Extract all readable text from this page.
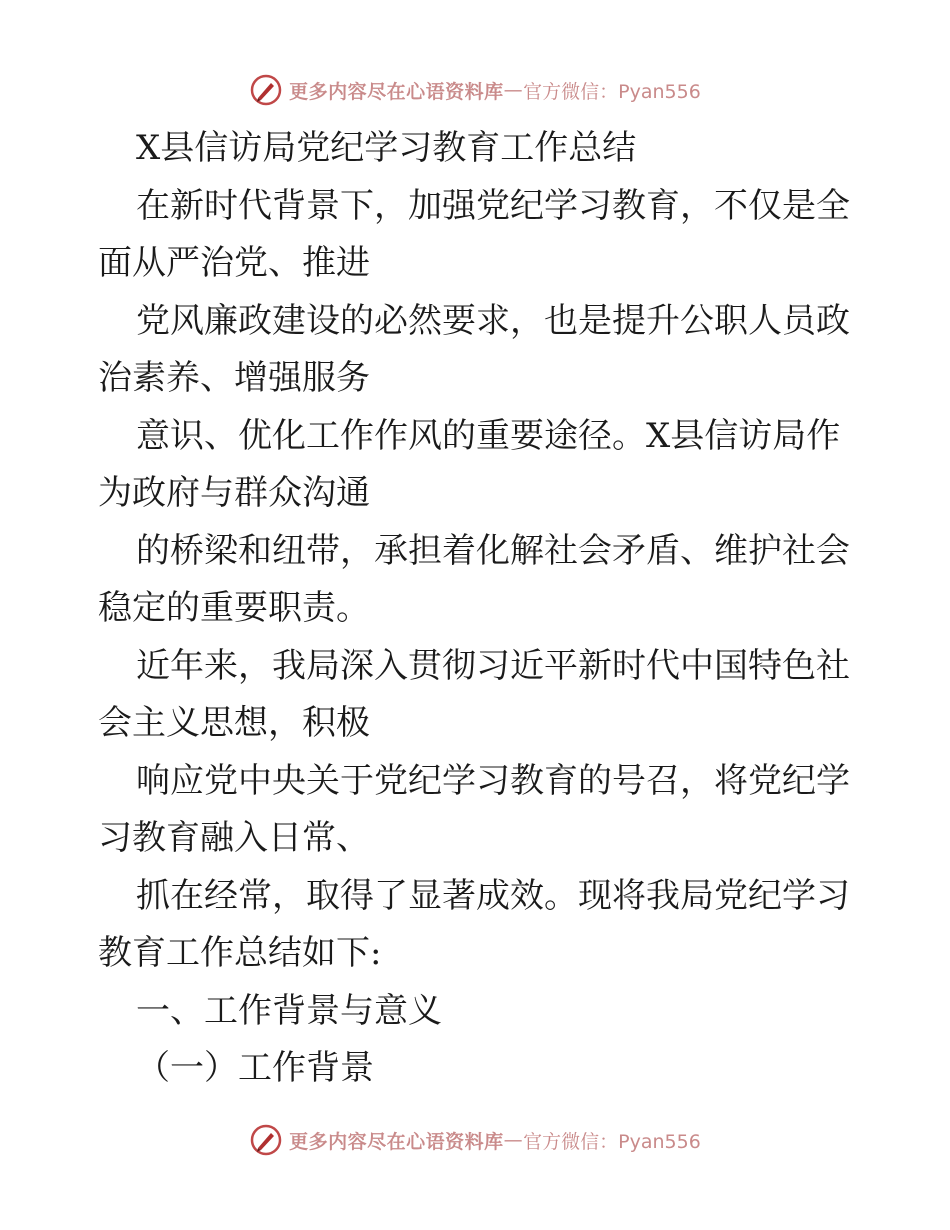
更多内容尽在心语资料库 — 官方微信：Pyan556
X县信访局党纪学习教育工作总结
在新时代背景下，加强党纪学习教育，不仅是全
面从严治党、推进
党风廉政建设的必然要求，也是提升公职人员政
治素养、增强服务
意识、优化工作作风的重要途径。X县信访局作
为政府与群众沟通
的桥梁和纽带，承担着化解社会矛盾、维护社会
稳定的重要职责。
近年来，我局深入贯彻习近平新时代中国特色社
会主义思想，积极
响应党中央关于党纪学习教育的号召，将党纪学
习教育融入日常、
抓在经常，取得了显著成效。现将我局党纪学习
教育工作总结如下:
一、工作背景与意义
（一）工作背景
更多内容尽在心语资料库 — 官方微信：Pyan556
